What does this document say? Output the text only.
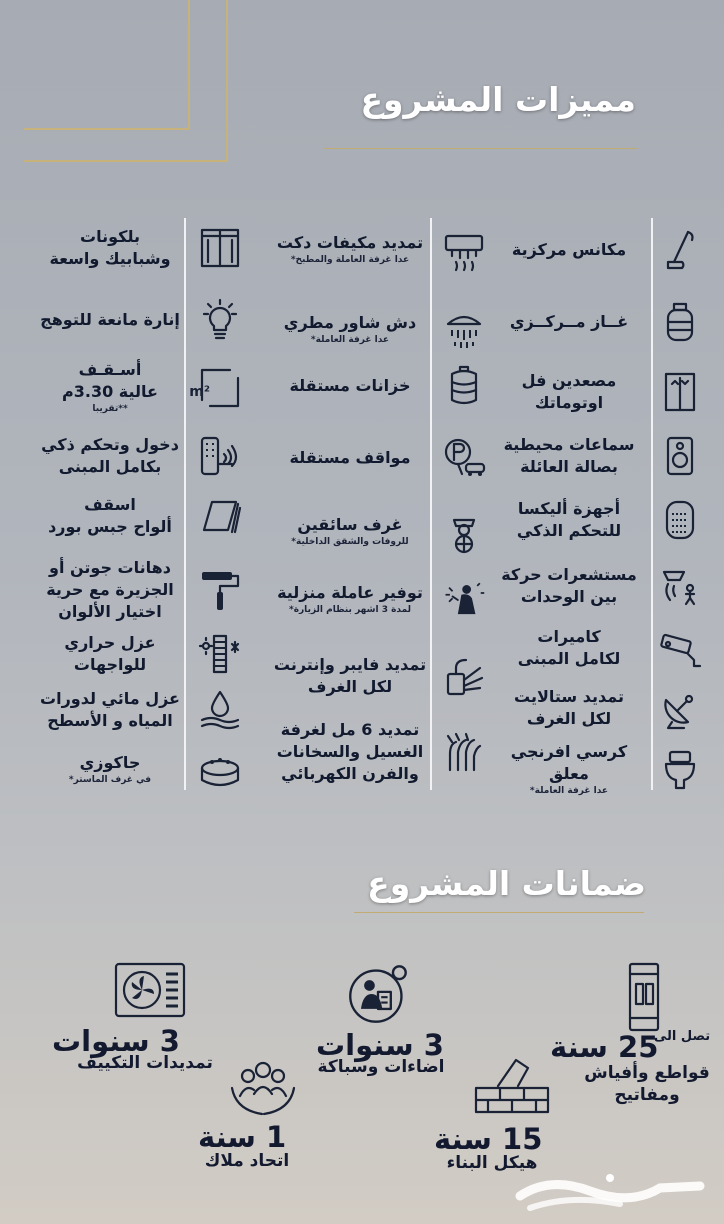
مميزات المشروع
مكانس مركزية
غــاز مــركــزي
مصعدين فل
اوتوماتك
سماعات محيطية
بصالة العائلة
أجهزة أليكسا
للتحكم الذكي
مستشعرات حركة
بين الوحدات
كاميرات
لكامل المبنى
تمديد ستالايت
لكل الغرف
كرسي افرنجي
معلق
عدا غرفة العاملة*
تمديد مكيفات دكت
عدا غرفة العاملة والمطبخ*
دش شاور مطري
عدا غرفة العاملة*
خزانات مستقلة
مواقف مستقلة
غرف سائقين
للروفات والشقق الداخلية*
توفير عاملة منزلية
لمدة 3 اشهر بنظام الزيارة*
تمديد فايبر وإنترنت
لكل الغرف
تمديد 6 مل لغرفة
الغسيل والسخانات
والفرن الكهربائي
بلكونات
وشبابيك واسعة
إنارة مانعة للتوهج
m²
أسـقـف
عالية 3.30م
**تقريبا
دخول وتحكم ذكي
بكامل المبنى
اسقف
ألواح جبس بورد
دهانات جوتن أو
الجزيرة مع حرية
اختيار الألوان
عزل حراري
للواجهات
عزل مائي لدورات
المياه و الأسطح
جاكوزي
في غرف الماستر*
ضمانات المشروع
25 سنة
قواطع وأفياش
ومفاتيح
تصل الى
3 سنوات
اضاءات وسباكة
3 سنوات
تمديدات التكييف
15 سنة
هيكل البناء
1 سنة
اتحاد ملاك
